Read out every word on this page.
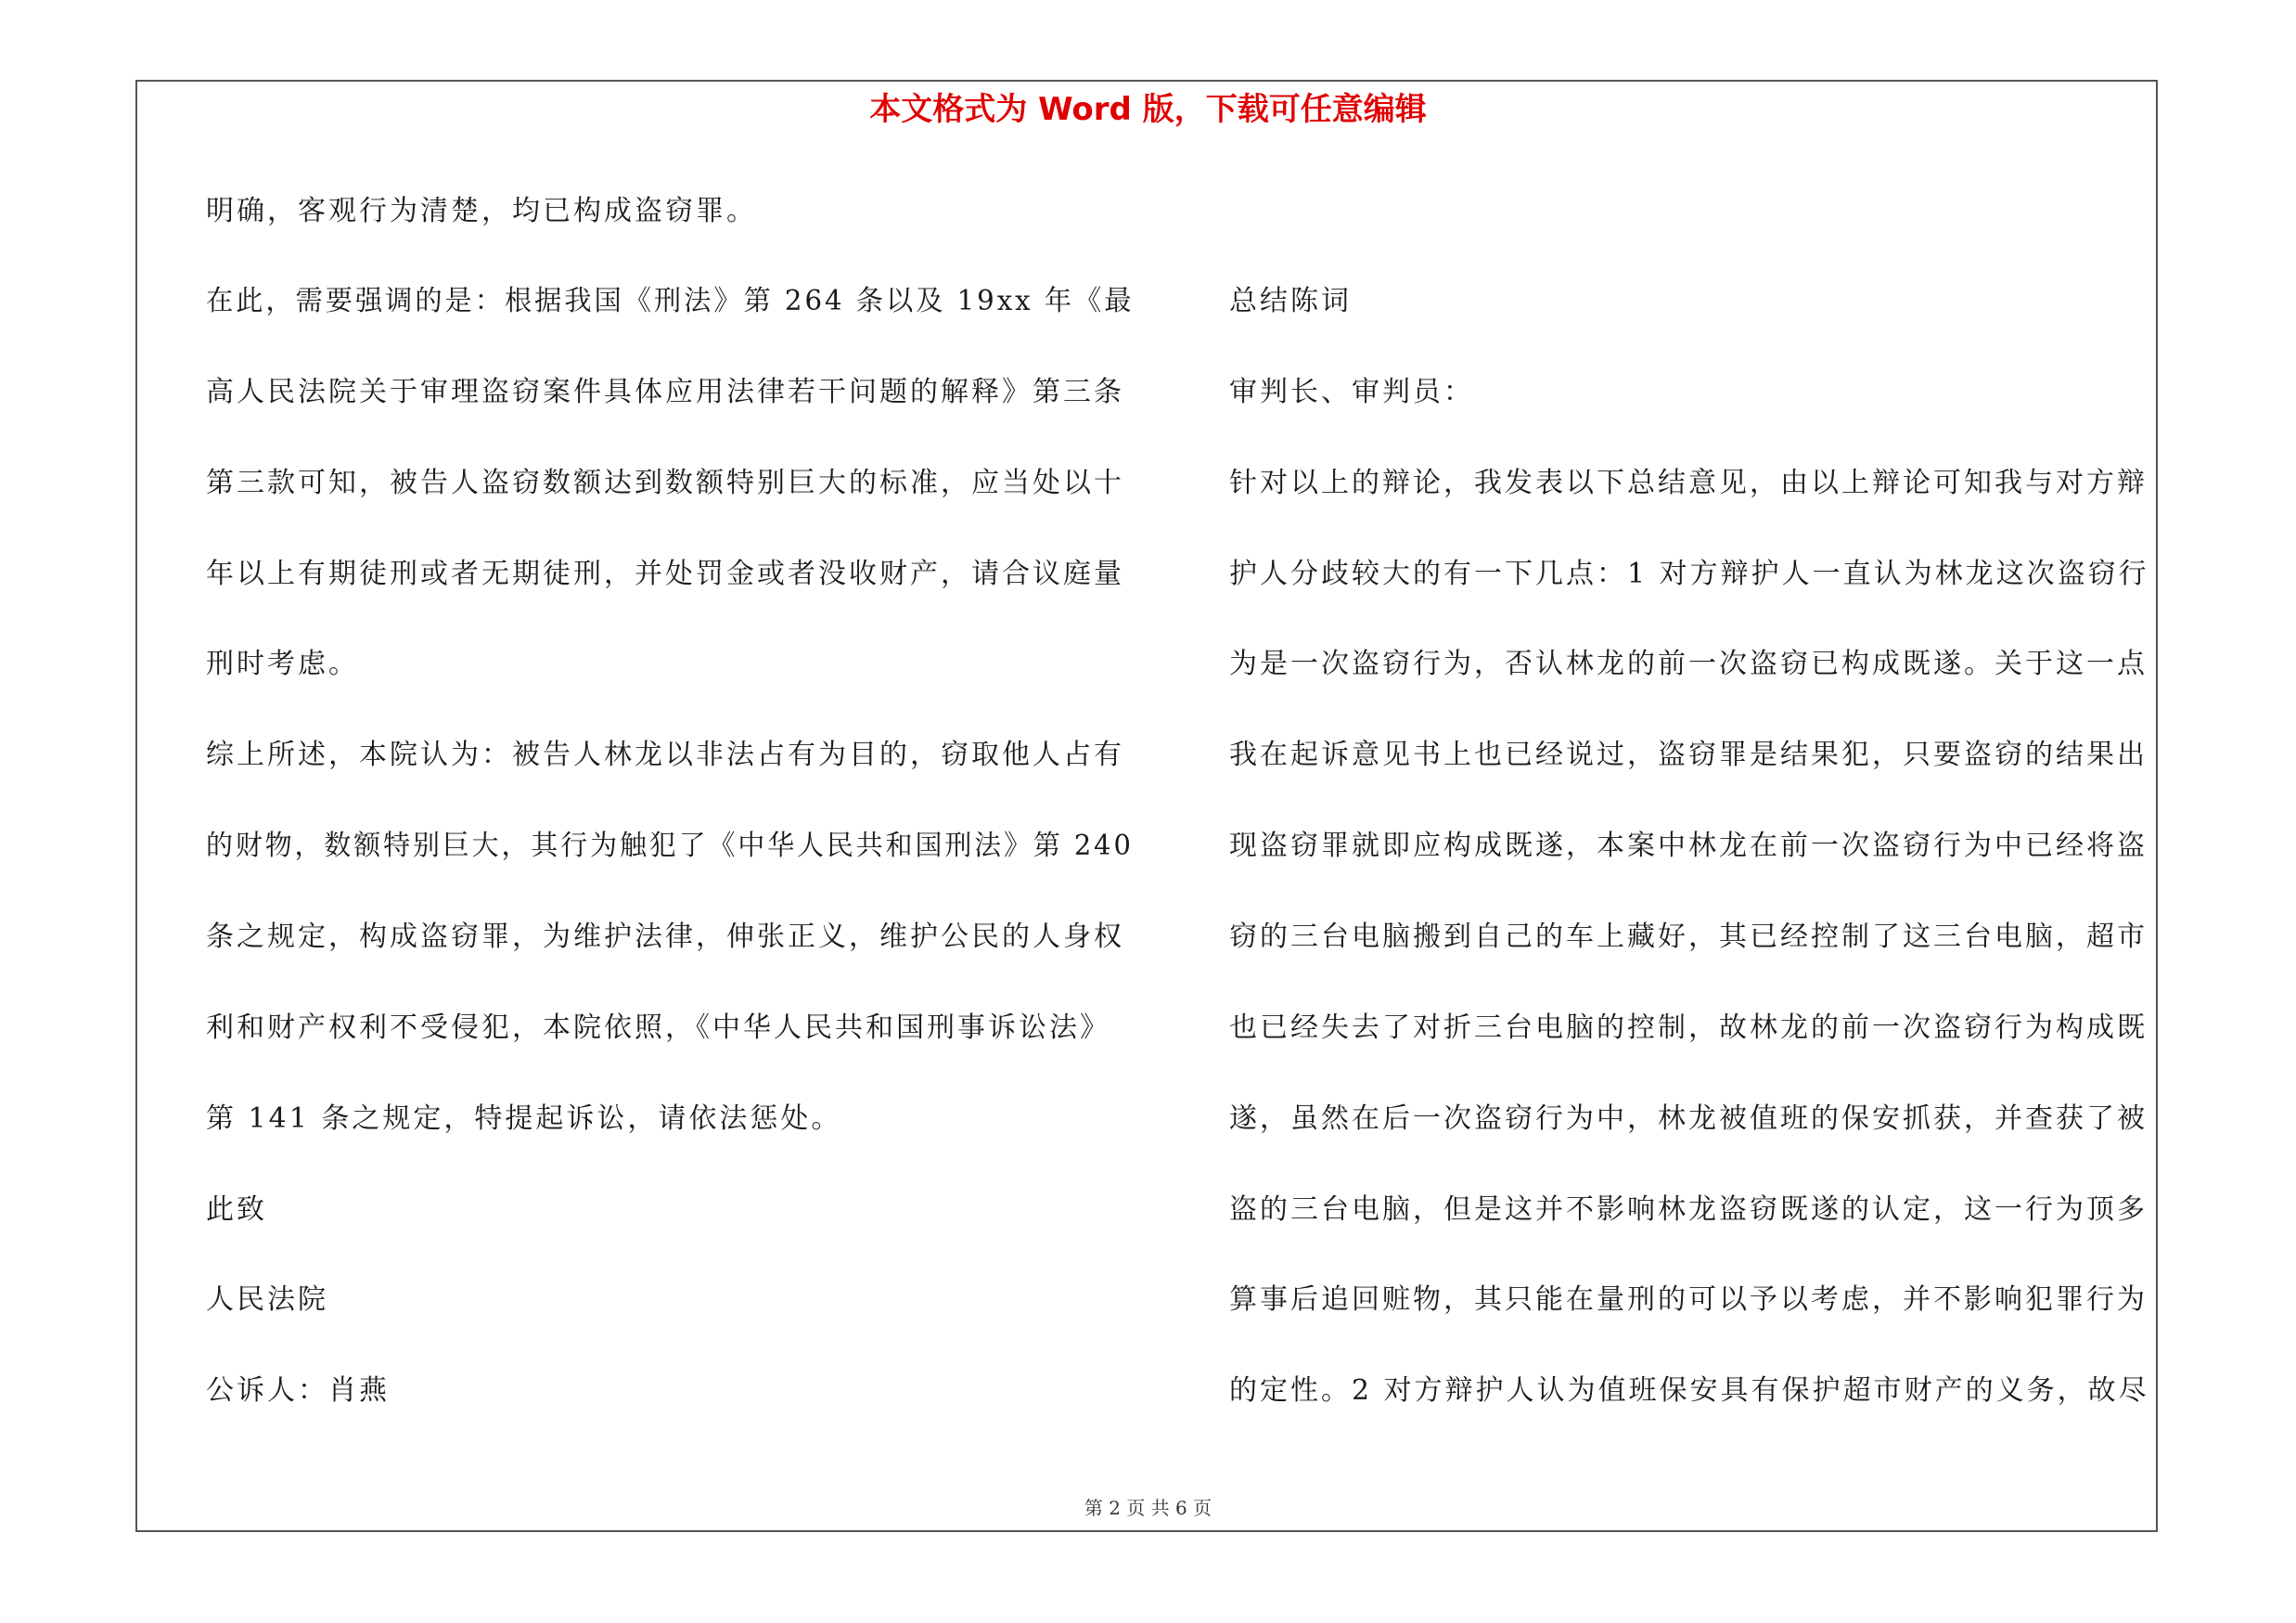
本文格式为 Word 版，下载可任意编辑

明确，客观行为清楚，均已构成盗窃罪。

在此，需要强调的是：根据我国《刑法》第 264 条以及 19xx 年《最

高人民法院关于审理盗窃案件具体应用法律若干问题的解释》第三条

第三款可知，被告人盗窃数额达到数额特别巨大的标准，应当处以十

年以上有期徒刑或者无期徒刑，并处罚金或者没收财产，请合议庭量

刑时考虑。

综上所述，本院认为：被告人林龙以非法占有为目的，窃取他人占有

的财物，数额特别巨大，其行为触犯了《中华人民共和国刑法》第 240

条之规定，构成盗窃罪，为维护法律，伸张正义，维护公民的人身权

利和财产权利不受侵犯，本院依照，《中华人民共和国刑事诉讼法》

第 141 条之规定，特提起诉讼，请依法惩处。

此致

人民法院

公诉人：肖燕

总结陈词

审判长、审判员：

针对以上的辩论，我发表以下总结意见，由以上辩论可知我与对方辩

护人分歧较大的有一下几点：1 对方辩护人一直认为林龙这次盗窃行

为是一次盗窃行为，否认林龙的前一次盗窃已构成既遂。关于这一点

我在起诉意见书上也已经说过，盗窃罪是结果犯，只要盗窃的结果出

现盗窃罪就即应构成既遂，本案中林龙在前一次盗窃行为中已经将盗

窃的三台电脑搬到自己的车上藏好，其已经控制了这三台电脑，超市

也已经失去了对折三台电脑的控制，故林龙的前一次盗窃行为构成既

遂，虽然在后一次盗窃行为中，林龙被值班的保安抓获，并查获了被

盗的三台电脑，但是这并不影响林龙盗窃既遂的认定，这一行为顶多

算事后追回赃物，其只能在量刑的可以予以考虑，并不影响犯罪行为

的定性。2 对方辩护人认为值班保安具有保护超市财产的义务，故尽

第 2 页 共 6 页
